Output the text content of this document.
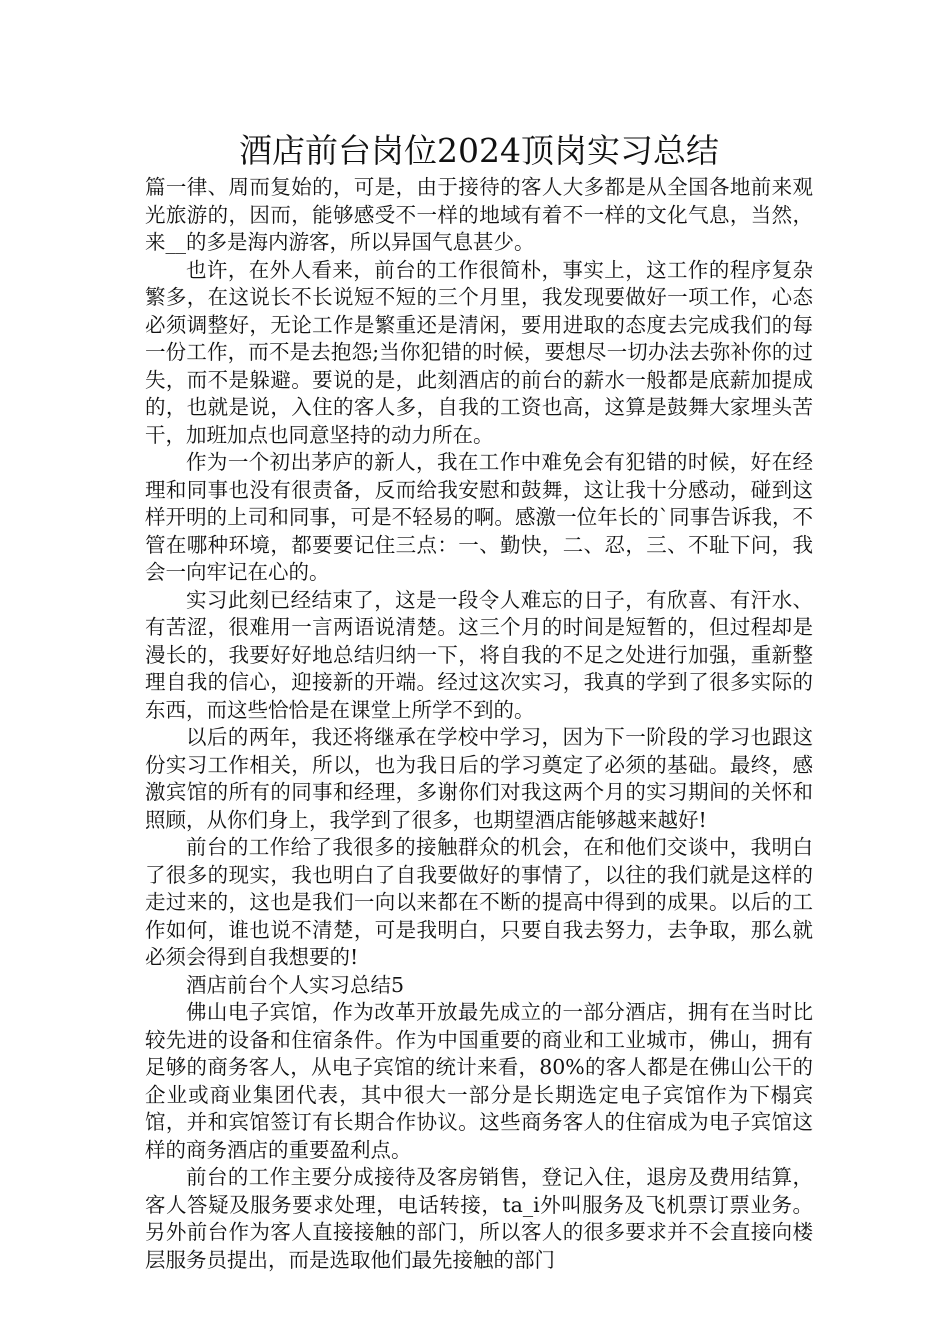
酒店前台岗位2024顶岗实习总结

篇一律、周而复始的，可是，由于接待的客人大多都是从全国各地前来观光旅游的，因而，能够感受不一样的地域有着不一样的文化气息，当然，来__的多是海内游客，所以异国气息甚少。

也许，在外人看来，前台的工作很简朴，事实上，这工作的程序复杂繁多，在这说长不长说短不短的三个月里，我发现要做好一项工作，心态必须调整好，无论工作是繁重还是清闲，要用进取的态度去完成我们的每一份工作，而不是去抱怨;当你犯错的时候，要想尽一切办法去弥补你的过失，而不是躲避。要说的是，此刻酒店的前台的薪水一般都是底薪加提成的，也就是说，入住的客人多，自我的工资也高，这算是鼓舞大家埋头苦干，加班加点也同意坚持的动力所在。

作为一个初出茅庐的新人，我在工作中难免会有犯错的时候，好在经理和同事也没有很责备，反而给我安慰和鼓舞，这让我十分感动，碰到这样开明的上司和同事，可是不轻易的啊。感激一位年长的`同事告诉我，不管在哪种环境，都要要记住三点：一、勤快，二、忍，三、不耻下问，我会一向牢记在心的。

实习此刻已经结束了，这是一段令人难忘的日子，有欣喜、有汗水、有苦涩，很难用一言两语说清楚。这三个月的时间是短暂的，但过程却是漫长的，我要好好地总结归纳一下，将自我的不足之处进行加强，重新整理自我的信心，迎接新的开端。经过这次实习，我真的学到了很多实际的东西，而这些恰恰是在课堂上所学不到的。

以后的两年，我还将继承在学校中学习，因为下一阶段的学习也跟这份实习工作相关，所以，也为我日后的学习奠定了必须的基础。最终，感激宾馆的所有的同事和经理，多谢你们对我这两个月的实习期间的关怀和照顾，从你们身上，我学到了很多，也期望酒店能够越来越好!

前台的工作给了我很多的接触群众的机会，在和他们交谈中，我明白了很多的现实，我也明白了自我要做好的事情了，以往的我们就是这样的走过来的，这也是我们一向以来都在不断的提高中得到的成果。以后的工作如何，谁也说不清楚，可是我明白，只要自我去努力，去争取，那么就必须会得到自我想要的!

酒店前台个人实习总结5

佛山电子宾馆，作为改革开放最先成立的一部分酒店，拥有在当时比较先进的设备和住宿条件。作为中国重要的商业和工业城市，佛山，拥有足够的商务客人，从电子宾馆的统计来看，80%的客人都是在佛山公干的企业或商业集团代表，其中很大一部分是长期选定电子宾馆作为下榻宾馆，并和宾馆签订有长期合作协议。这些商务客人的住宿成为电子宾馆这样的商务酒店的重要盈利点。

前台的工作主要分成接待及客房销售，登记入住，退房及费用结算，客人答疑及服务要求处理，电话转接，ta_i外叫服务及飞机票订票业务。另外前台作为客人直接接触的部门，所以客人的很多要求并不会直接向楼层服务员提出，而是选取他们最先接触的部门
